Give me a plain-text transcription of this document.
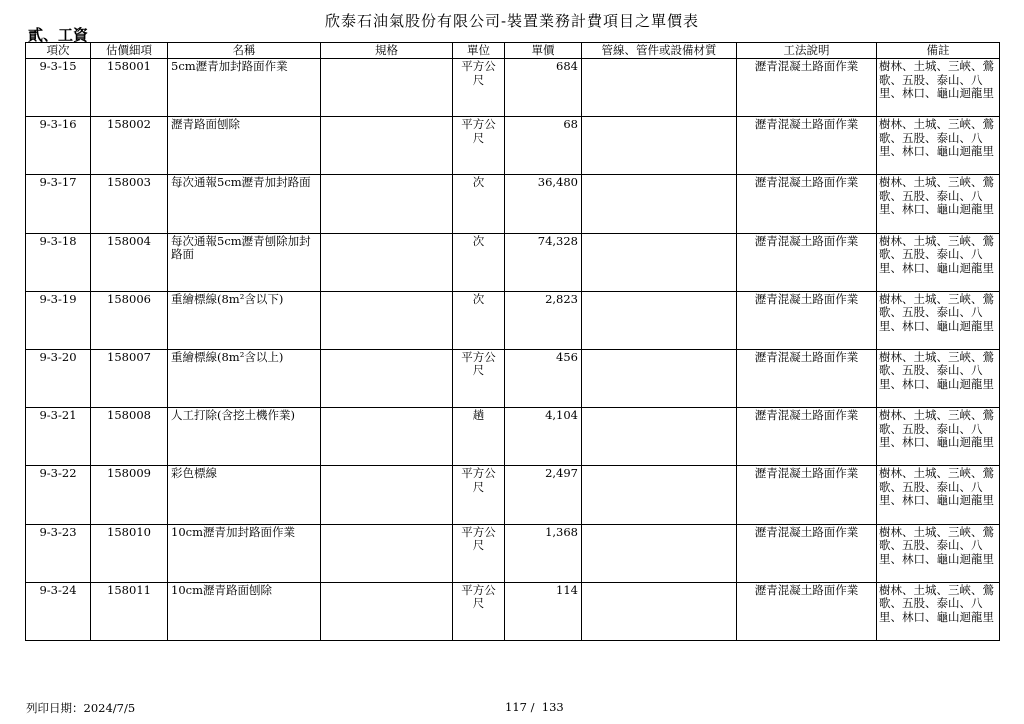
欣泰石油氣股份有限公司-裝置業務計費項目之單價表
貳、工資
項次	估價細項	名稱	規格	單位	單價	管線、管件或設備材質	工法說明	備註
9-3-15	158001	5cm瀝青加封路面作業		平方公尺	684		瀝青混凝土路面作業	樹林、土城、三峽、鶯歌、五股、泰山、八里、林口、龜山迴龍里
9-3-16	158002	瀝青路面刨除		平方公尺	68		瀝青混凝土路面作業	樹林、土城、三峽、鶯歌、五股、泰山、八里、林口、龜山迴龍里
9-3-17	158003	每次通報5cm瀝青加封路面		次	36,480		瀝青混凝土路面作業	樹林、土城、三峽、鶯歌、五股、泰山、八里、林口、龜山迴龍里
9-3-18	158004	每次通報5cm瀝青刨除加封路面		次	74,328		瀝青混凝土路面作業	樹林、土城、三峽、鶯歌、五股、泰山、八里、林口、龜山迴龍里
9-3-19	158006	重繪標線(8m²含以下)		次	2,823		瀝青混凝土路面作業	樹林、土城、三峽、鶯歌、五股、泰山、八里、林口、龜山迴龍里
9-3-20	158007	重繪標線(8m²含以上)		平方公尺	456		瀝青混凝土路面作業	樹林、土城、三峽、鶯歌、五股、泰山、八里、林口、龜山迴龍里
9-3-21	158008	人工打除(含挖土機作業)		趟	4,104		瀝青混凝土路面作業	樹林、土城、三峽、鶯歌、五股、泰山、八里、林口、龜山迴龍里
9-3-22	158009	彩色標線		平方公尺	2,497		瀝青混凝土路面作業	樹林、土城、三峽、鶯歌、五股、泰山、八里、林口、龜山迴龍里
9-3-23	158010	10cm瀝青加封路面作業		平方公尺	1,368		瀝青混凝土路面作業	樹林、土城、三峽、鶯歌、五股、泰山、八里、林口、龜山迴龍里
9-3-24	158011	10cm瀝青路面刨除		平方公尺	114		瀝青混凝土路面作業	樹林、土城、三峽、鶯歌、五股、泰山、八里、林口、龜山迴龍里
列印日期：2024/7/5	117 /  133
